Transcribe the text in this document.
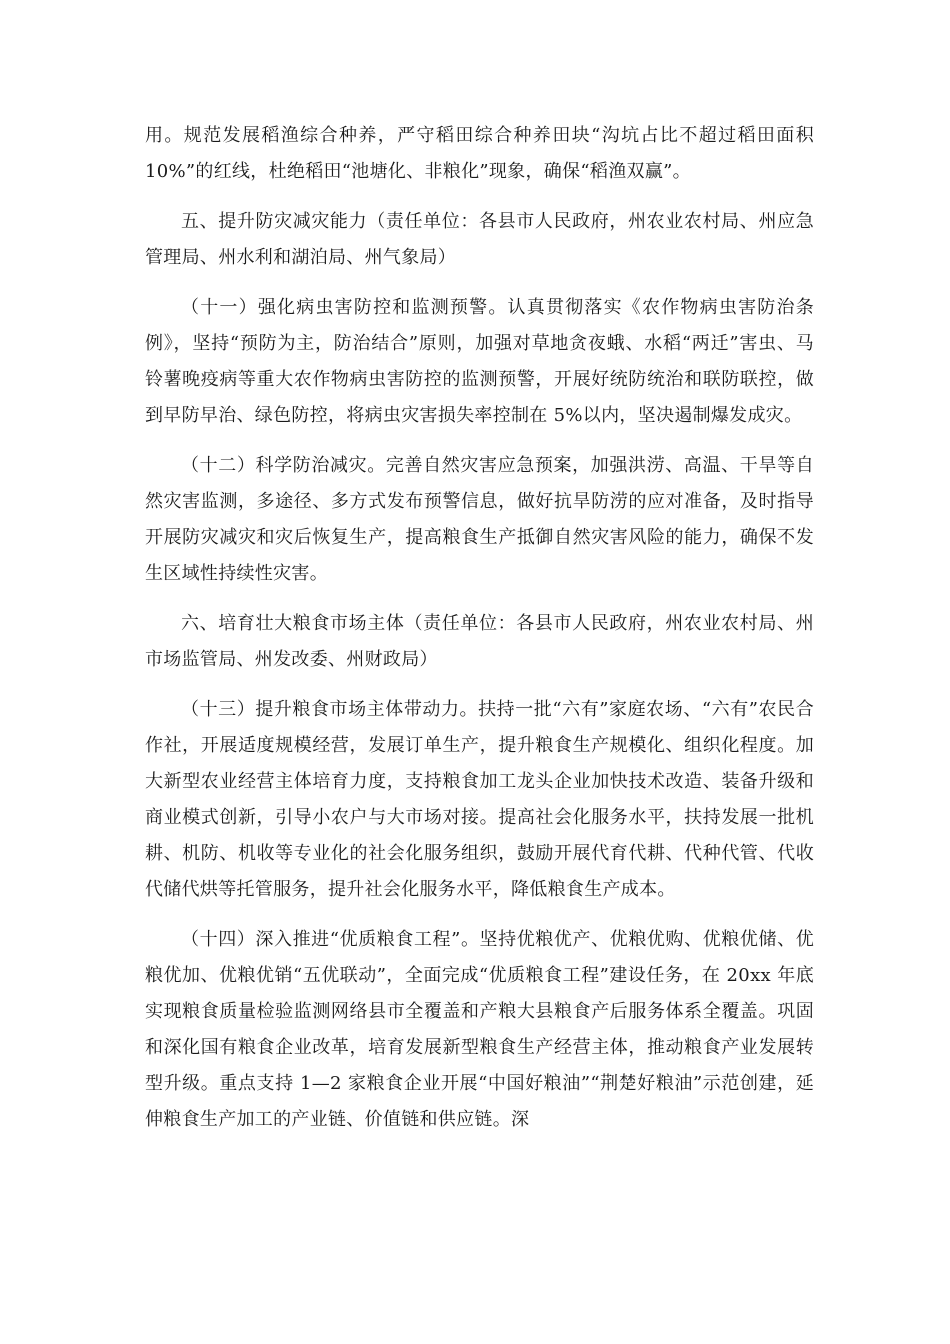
用。规范发展稻渔综合种养，严守稻田综合种养田块“沟坑占比不超过稻田面积10%”的红线，杜绝稻田“池塘化、非粮化”现象，确保“稻渔双赢”。

五、提升防灾减灾能力（责任单位：各县市人民政府，州农业农村局、州应急管理局、州水利和湖泊局、州气象局）

（十一）强化病虫害防控和监测预警。认真贯彻落实《农作物病虫害防治条例》，坚持“预防为主，防治结合”原则，加强对草地贪夜蛾、水稻“两迁”害虫、马铃薯晚疫病等重大农作物病虫害防控的监测预警，开展好统防统治和联防联控，做到早防早治、绿色防控，将病虫灾害损失率控制在 5%以内，坚决遏制爆发成灾。

（十二）科学防治减灾。完善自然灾害应急预案，加强洪涝、高温、干旱等自然灾害监测，多途径、多方式发布预警信息，做好抗旱防涝的应对准备，及时指导开展防灾减灾和灾后恢复生产，提高粮食生产抵御自然灾害风险的能力，确保不发生区域性持续性灾害。

六、培育壮大粮食市场主体（责任单位：各县市人民政府，州农业农村局、州市场监管局、州发改委、州财政局）

（十三）提升粮食市场主体带动力。扶持一批“六有”家庭农场、“六有”农民合作社，开展适度规模经营，发展订单生产，提升粮食生产规模化、组织化程度。加大新型农业经营主体培育力度，支持粮食加工龙头企业加快技术改造、装备升级和商业模式创新，引导小农户与大市场对接。提高社会化服务水平，扶持发展一批机耕、机防、机收等专业化的社会化服务组织，鼓励开展代育代耕、代种代管、代收代储代烘等托管服务，提升社会化服务水平，降低粮食生产成本。

（十四）深入推进“优质粮食工程”。坚持优粮优产、优粮优购、优粮优储、优粮优加、优粮优销“五优联动”，全面完成“优质粮食工程”建设任务，在 20xx 年底实现粮食质量检验监测网络县市全覆盖和产粮大县粮食产后服务体系全覆盖。巩固和深化国有粮食企业改革，培育发展新型粮食生产经营主体，推动粮食产业发展转型升级。重点支持 1—2 家粮食企业开展“中国好粮油”“荆楚好粮油”示范创建，延伸粮食生产加工的产业链、价值链和供应链。深
